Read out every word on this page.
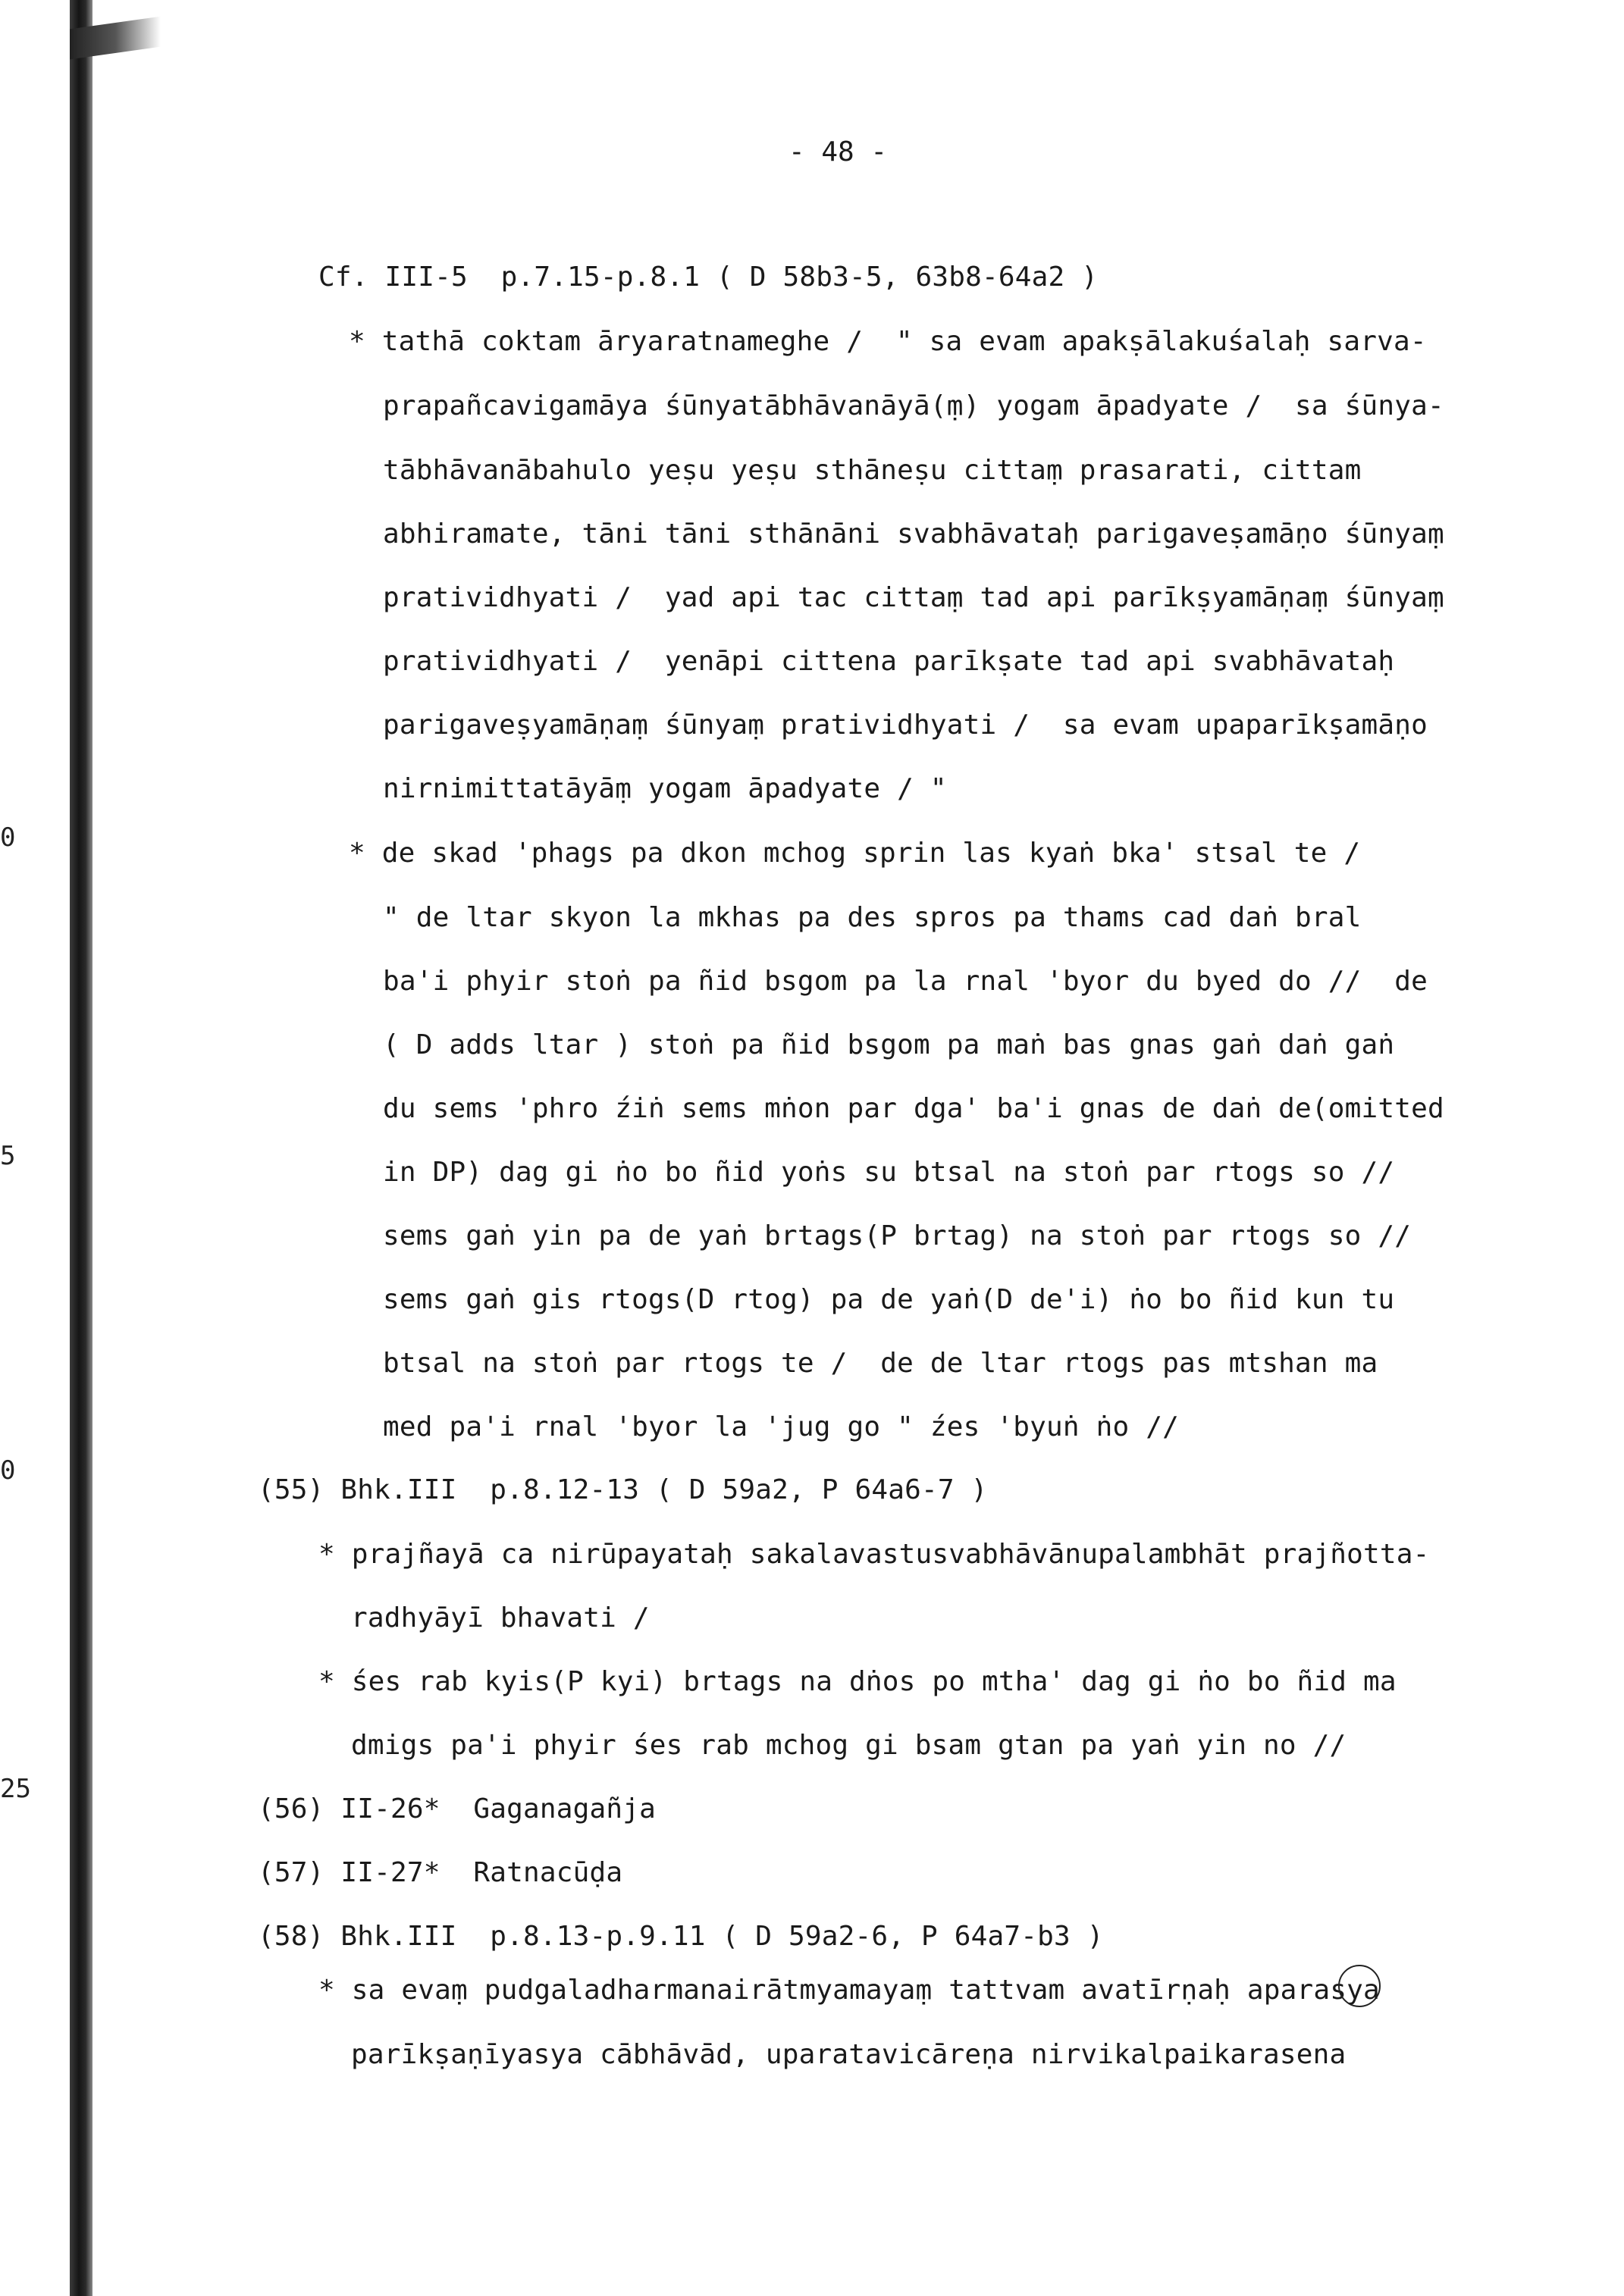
0
5
0
25
- 48 -
Cf. III-5  p.7.15-p.8.1 ( D 58b3-5, 63b8-64a2 )
* tathā coktam āryaratnameghe /  " sa evam apakṣālakuśalaḥ sarva-
prapañcavigamāya śūnyatābhāvanāyā(ṃ) yogam āpadyate /  sa śūnya-
tābhāvanābahulo yeṣu yeṣu sthāneṣu cittaṃ prasarati, cittam
abhiramate, tāni tāni sthānāni svabhāvataḥ parigaveṣamāṇo śūnyaṃ
pratividhyati /  yad api tac cittaṃ tad api parīkṣyamāṇaṃ śūnyaṃ
pratividhyati /  yenāpi cittena parīkṣate tad api svabhāvataḥ
parigaveṣyamāṇaṃ śūnyaṃ pratividhyati /  sa evam upaparīkṣamāṇo
nirnimittatāyāṃ yogam āpadyate / "
* de skad 'phags pa dkon mchog sprin las kyaṅ bka' stsal te /
" de ltar skyon la mkhas pa des spros pa thams cad daṅ bral
ba'i phyir stoṅ pa ñid bsgom pa la rnal 'byor du byed do //  de
( D adds ltar ) stoṅ pa ñid bsgom pa maṅ bas gnas gaṅ daṅ gaṅ
du sems 'phro źiṅ sems mṅon par dga' ba'i gnas de daṅ de(omitted
in DP) dag gi ṅo bo ñid yoṅs su btsal na stoṅ par rtogs so //
sems gaṅ yin pa de yaṅ brtags(P brtag) na stoṅ par rtogs so //
sems gaṅ gis rtogs(D rtog) pa de yaṅ(D de'i) ṅo bo ñid kun tu
btsal na stoṅ par rtogs te /  de de ltar rtogs pas mtshan ma
med pa'i rnal 'byor la 'jug go " źes 'byuṅ ṅo //
(55) Bhk.III  p.8.12-13 ( D 59a2, P 64a6-7 )
* prajñayā ca nirūpayataḥ sakalavastusvabhāvānupalambhāt prajñotta-
radhyāyī bhavati /
* śes rab kyis(P kyi) brtags na dṅos po mtha' dag gi ṅo bo ñid ma
dmigs pa'i phyir śes rab mchog gi bsam gtan pa yaṅ yin no //
(56) II-26*  Gaganagañja
(57) II-27*  Ratnacūḍa
(58) Bhk.III  p.8.13-p.9.11 ( D 59a2-6, P 64a7-b3 )
* sa evaṃ pudgaladharmanairātmyamayaṃ tattvam avatīrṇaḥ aparasya
parīkṣaṇīyasya cābhāvād, uparatavicāreṇa nirvikalpaikarasena
